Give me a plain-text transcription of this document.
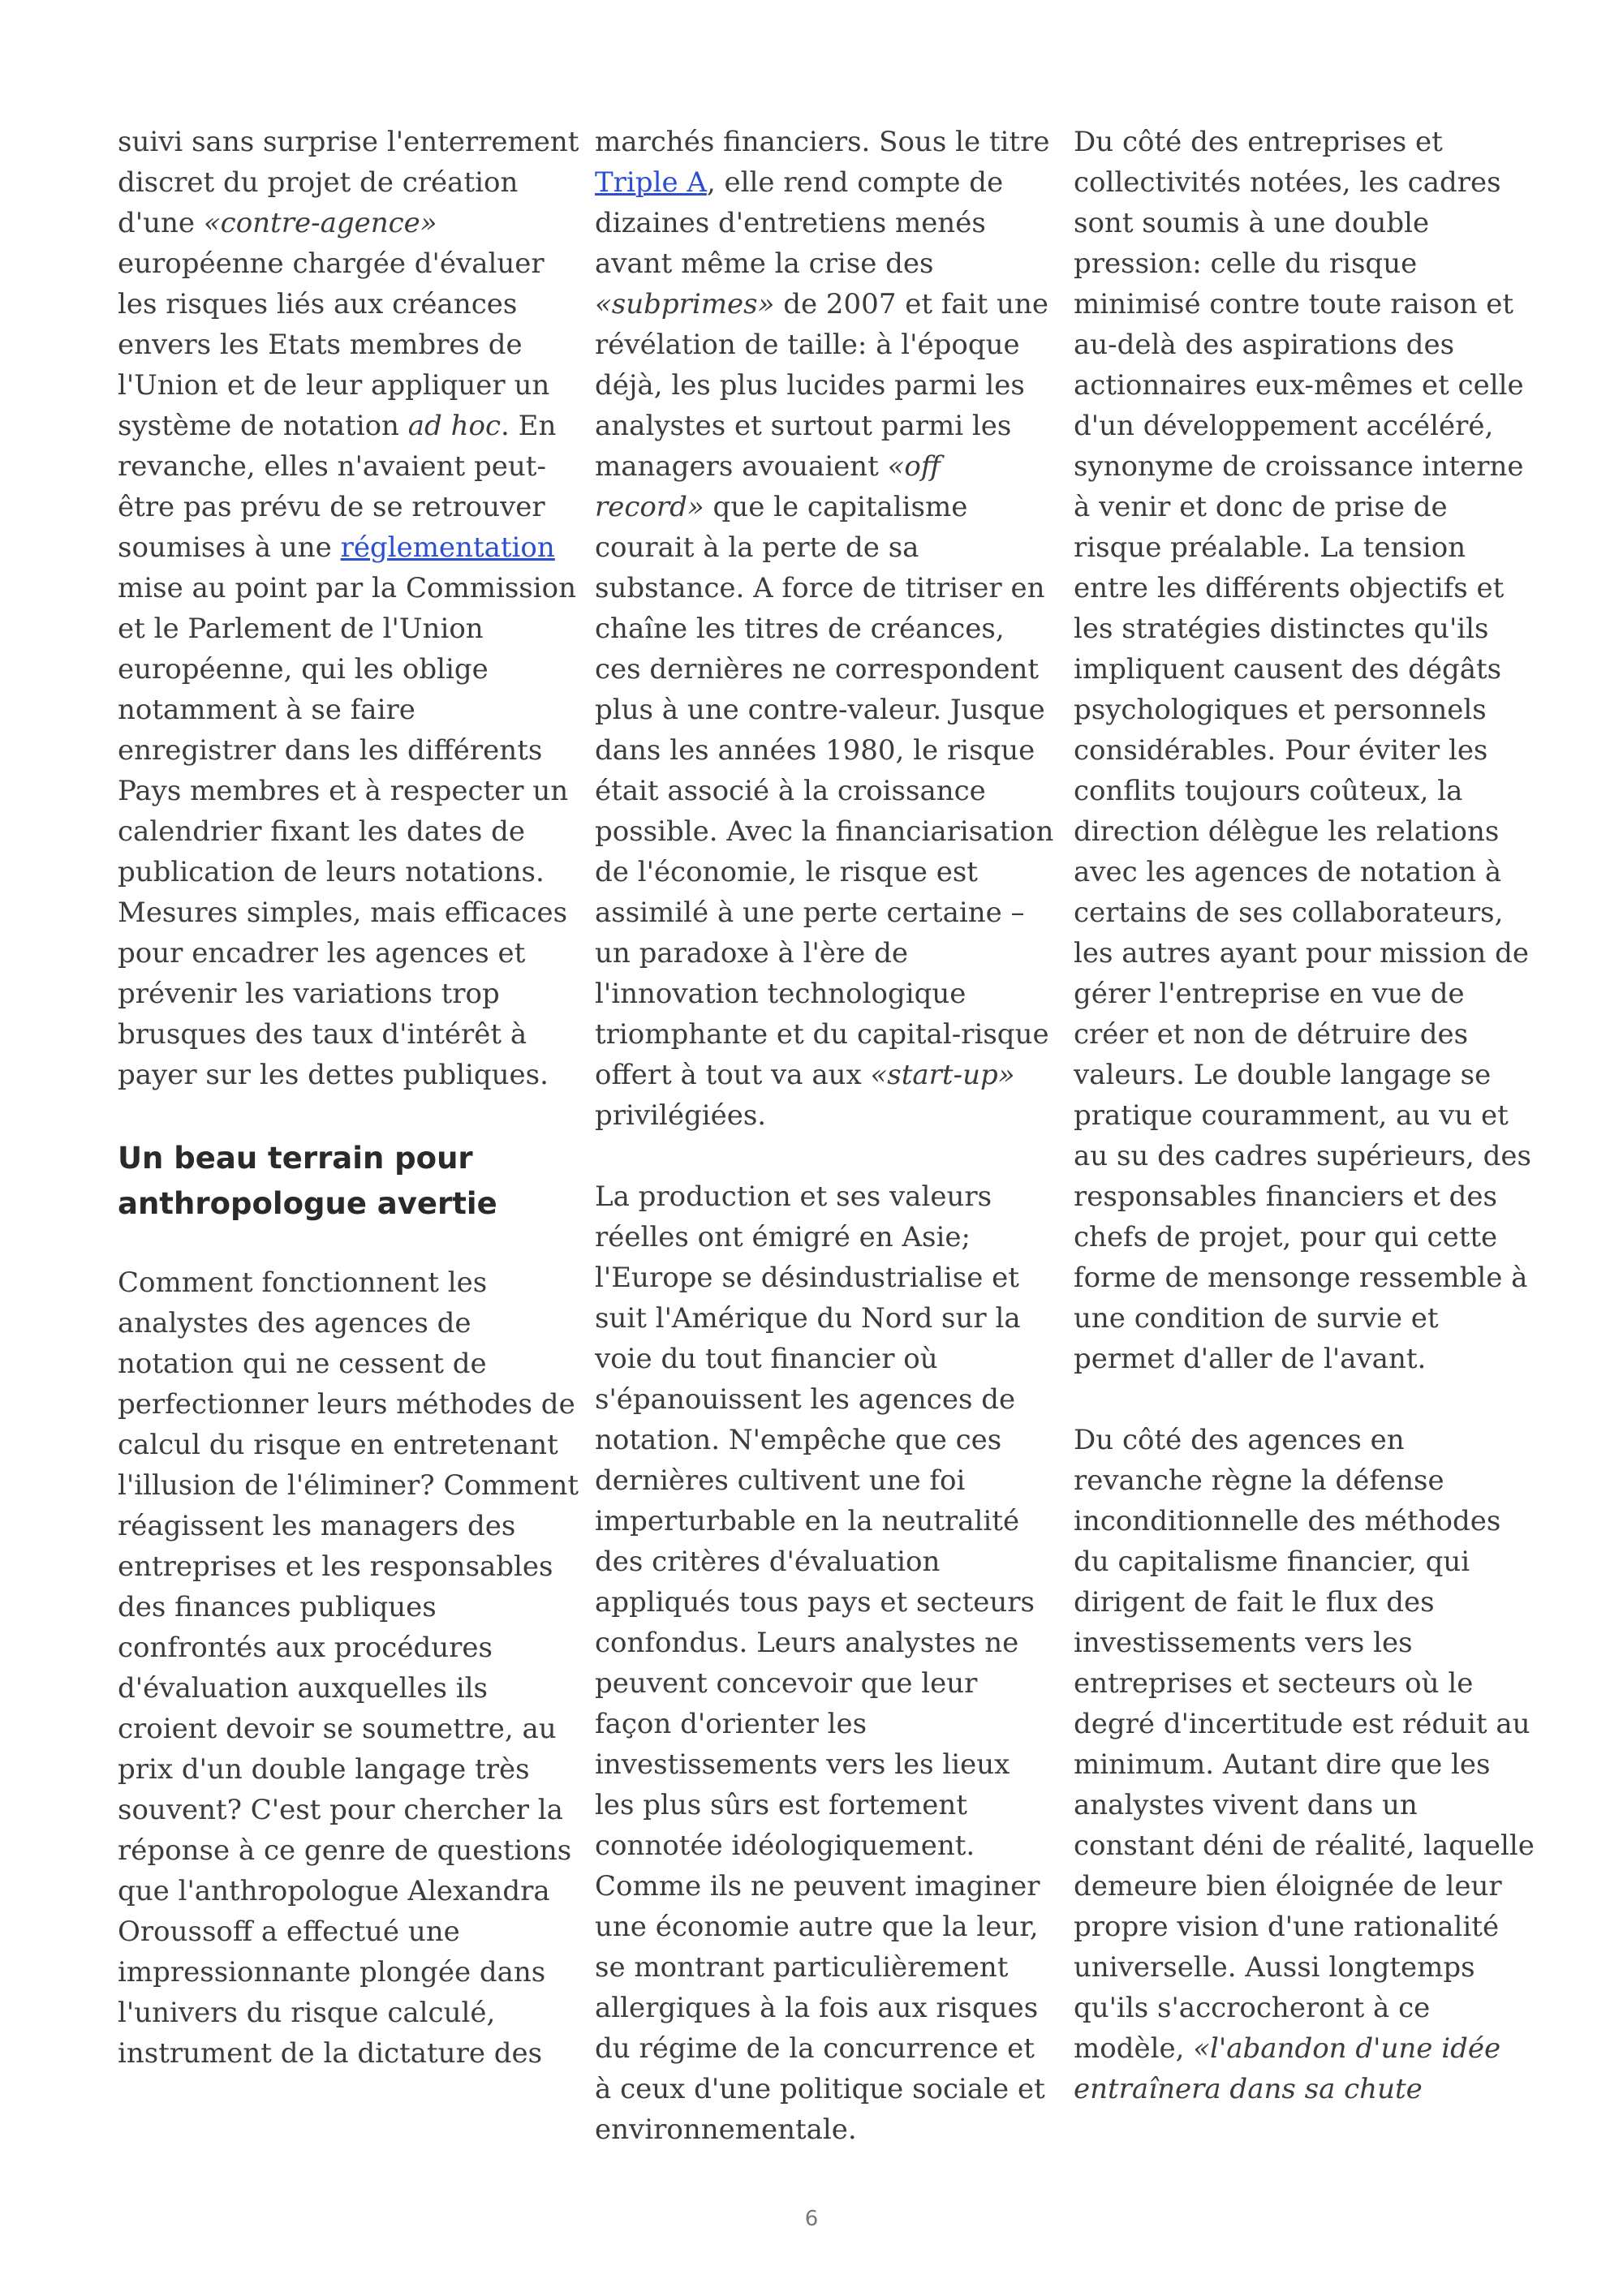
suivi sans surprise l'enterrement discret du projet de création d'une «contre-agence» européenne chargée d'évaluer les risques liés aux créances envers les Etats membres de l'Union et de leur appliquer un système de notation ad hoc. En revanche, elles n'avaient peut-être pas prévu de se retrouver soumises à une réglementation mise au point par la Commission et le Parlement de l'Union européenne, qui les oblige notamment à se faire enregistrer dans les différents Pays membres et à respecter un calendrier fixant les dates de publication de leurs notations. Mesures simples, mais efficaces pour encadrer les agences et prévenir les variations trop brusques des taux d'intérêt à payer sur les dettes publiques.

Un beau terrain pour anthropologue avertie

Comment fonctionnent les analystes des agences de notation qui ne cessent de perfectionner leurs méthodes de calcul du risque en entretenant l'illusion de l'éliminer? Comment réagissent les managers des entreprises et les responsables des finances publiques confrontés aux procédures d'évaluation auxquelles ils croient devoir se soumettre, au prix d'un double langage très souvent? C'est pour chercher la réponse à ce genre de questions que l'anthropologue Alexandra Oroussoff a effectué une impressionnante plongée dans l'univers du risque calculé, instrument de la dictature des

marchés financiers. Sous le titre Triple A, elle rend compte de dizaines d'entretiens menés avant même la crise des «subprimes» de 2007 et fait une révélation de taille: à l'époque déjà, les plus lucides parmi les analystes et surtout parmi les managers avouaient «off record» que le capitalisme courait à la perte de sa substance. A force de titriser en chaîne les titres de créances, ces dernières ne correspondent plus à une contre-valeur. Jusque dans les années 1980, le risque était associé à la croissance possible. Avec la financiarisation de l'économie, le risque est assimilé à une perte certaine – un paradoxe à l'ère de l'innovation technologique triomphante et du capital-risque offert à tout va aux «start-up» privilégiées.

La production et ses valeurs réelles ont émigré en Asie; l'Europe se désindustrialise et suit l'Amérique du Nord sur la voie du tout financier où s'épanouissent les agences de notation. N'empêche que ces dernières cultivent une foi imperturbable en la neutralité des critères d'évaluation appliqués tous pays et secteurs confondus. Leurs analystes ne peuvent concevoir que leur façon d'orienter les investissements vers les lieux les plus sûrs est fortement connotée idéologiquement. Comme ils ne peuvent imaginer une économie autre que la leur, se montrant particulièrement allergiques à la fois aux risques du régime de la concurrence et à ceux d'une politique sociale et environnementale.

Du côté des entreprises et collectivités notées, les cadres sont soumis à une double pression: celle du risque minimisé contre toute raison et au-delà des aspirations des actionnaires eux-mêmes et celle d'un développement accéléré, synonyme de croissance interne à venir et donc de prise de risque préalable. La tension entre les différents objectifs et les stratégies distinctes qu'ils impliquent causent des dégâts psychologiques et personnels considérables. Pour éviter les conflits toujours coûteux, la direction délègue les relations avec les agences de notation à certains de ses collaborateurs, les autres ayant pour mission de gérer l'entreprise en vue de créer et non de détruire des valeurs. Le double langage se pratique couramment, au vu et au su des cadres supérieurs, des responsables financiers et des chefs de projet, pour qui cette forme de mensonge ressemble à une condition de survie et permet d'aller de l'avant.

Du côté des agences en revanche règne la défense inconditionnelle des méthodes du capitalisme financier, qui dirigent de fait le flux des investissements vers les entreprises et secteurs où le degré d'incertitude est réduit au minimum. Autant dire que les analystes vivent dans un constant déni de réalité, laquelle demeure bien éloignée de leur propre vision d'une rationalité universelle. Aussi longtemps qu'ils s'accrocheront à ce modèle, «l'abandon d'une idée entraînera dans sa chute

6
